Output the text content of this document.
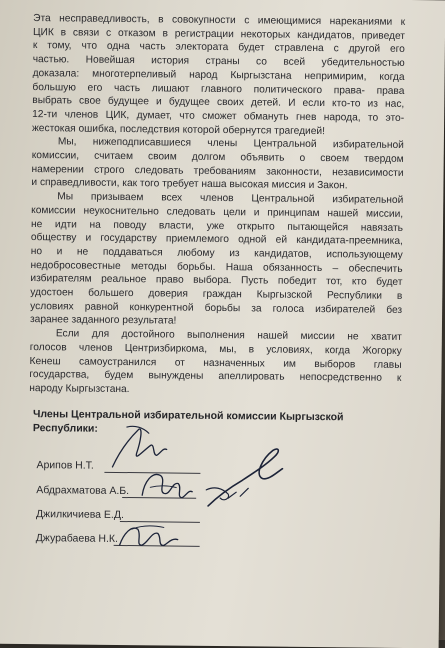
Эта несправедливость, в совокупности с имеющимися нареканиями к
ЦИК в связи с отказом в регистрации некоторых кандидатов, приведет
к тому, что одна часть электората будет стравлена с другой его
частью. Новейшая история страны со всей убедительностью
доказала: многотерпеливый народ Кыргызстана непримирим, когда
большую его часть лишают главного политического права- права
выбрать свое будущее и будущее своих детей. И если кто-то из нас,
12-ти членов ЦИК, думает, что сможет обмануть гнев народа, то это-
жестокая ошибка, последствия которой обернутся трагедией!

Мы, нижеподписавшиеся члены Центральной избирательной
комиссии, считаем своим долгом объявить о своем твердом
намерении строго следовать требованиям законности, независимости
и справедливости, как того требует наша высокая миссия и Закон.

Мы призываем всех членов Центральной избирательной
комиссии неукоснительно следовать цели и принципам нашей миссии,
не идти на поводу власти, уже открыто пытающейся навязать
обществу и государству приемлемого одной ей кандидата-преемника,
но и не поддаваться любому из кандидатов, использующему
недобросовестные методы борьбы. Наша обязанность – обеспечить
избирателям реальное право выбора. Пусть победит тот, кто будет
удостоен большего доверия граждан Кыргызской Республики в
условиях равной конкурентной борьбы за голоса избирателей без
заранее заданного результата!

Если для достойного выполнения нашей миссии не хватит
голосов членов Центризбиркома, мы, в условиях, когда Жогорку
Кенеш самоустранился от назначенных им выборов главы
государства, будем вынуждены апеллировать непосредственно к
народу Кыргызстана.

Члены Центральной избирательной комиссии Кыргызской
Республики:
Арипов Н.Т.
Абдрахматова А.Б.
Джилкичиева Е.Д.
Джурабаева Н.К.
